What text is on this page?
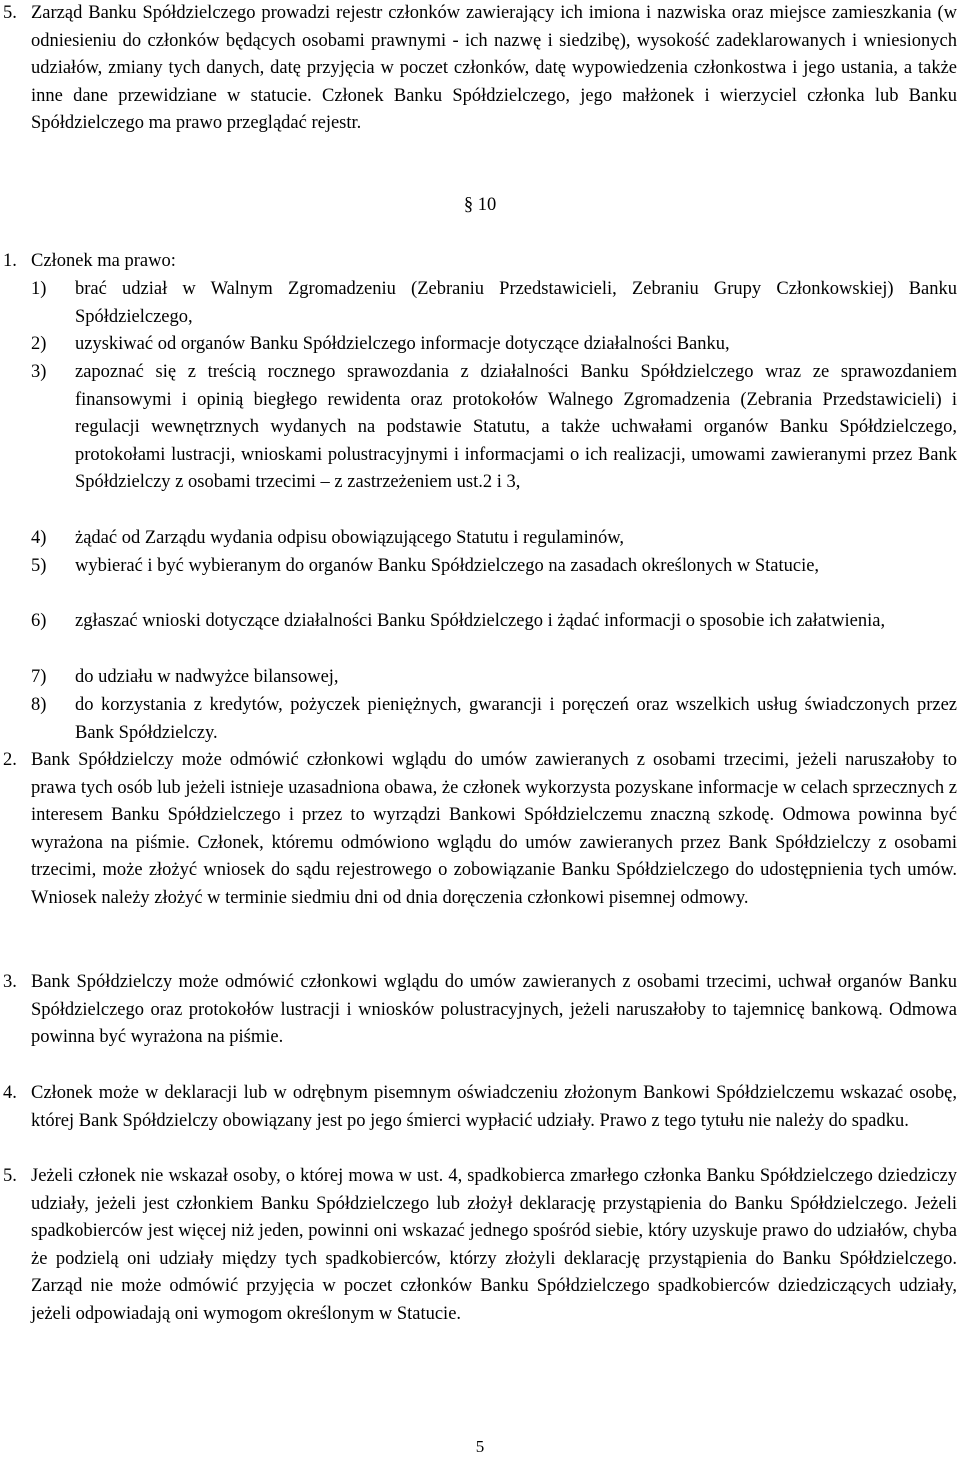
5. Zarząd Banku Spółdzielczego prowadzi rejestr członków zawierający ich imiona i nazwiska oraz miejsce zamieszkania (w odniesieniu do członków będących osobami prawnymi - ich nazwę i siedzibę), wysokość zadeklarowanych i wniesionych udziałów, zmiany tych danych, datę przyjęcia w poczet członków, datę wypowiedzenia członkostwa i jego ustania, a także inne dane przewidziane w statucie. Członek Banku Spółdzielczego, jego małżonek i wierzyciel członka lub Banku Spółdzielczego ma prawo przeglądać rejestr.
§ 10
1. Członek ma prawo:
1) brać udział w Walnym Zgromadzeniu (Zebraniu Przedstawicieli, Zebraniu Grupy Członkowskiej) Banku Spółdzielczego,
2) uzyskiwać od organów Banku Spółdzielczego informacje dotyczące działalności Banku,
3) zapoznać się z treścią rocznego sprawozdania z działalności Banku Spółdzielczego wraz ze sprawozdaniem finansowymi i opinią biegłego rewidenta oraz protokołów Walnego Zgromadzenia (Zebrania Przedstawicieli) i regulacji wewnętrznych wydanych na podstawie Statutu, a także uchwałami organów Banku Spółdzielczego, protokołami lustracji, wnioskami polustracyjnymi i informacjami o ich realizacji, umowami zawieranymi przez Bank Spółdzielczy z osobami trzecimi – z zastrzeżeniem ust.2 i 3,
4) żądać od Zarządu wydania odpisu obowiązującego Statutu i regulaminów,
5) wybierać i być wybieranym do organów Banku Spółdzielczego na zasadach określonych w Statucie,
6) zgłaszać wnioski dotyczące działalności Banku Spółdzielczego i żądać informacji o sposobie ich załatwienia,
7) do udziału w nadwyżce bilansowej,
8) do korzystania z kredytów, pożyczek pieniężnych, gwarancji i poręczeń oraz wszelkich usług świadczonych przez Bank Spółdzielczy.
2. Bank Spółdzielczy może odmówić członkowi wglądu do umów zawieranych z osobami trzecimi, jeżeli naruszałoby to prawa tych osób lub jeżeli istnieje uzasadniona obawa, że członek wykorzysta pozyskane informacje w celach sprzecznych z interesem Banku Spółdzielczego i przez to wyrządzi Bankowi Spółdzielczemu znaczną szkodę. Odmowa powinna być wyrażona na piśmie. Członek, któremu odmówiono wglądu do umów zawieranych przez Bank Spółdzielczy z osobami trzecimi, może złożyć wniosek do sądu rejestrowego o zobowiązanie Banku Spółdzielczego do udostępnienia tych umów. Wniosek należy złożyć w terminie siedmiu dni od dnia doręczenia członkowi pisemnej odmowy.
3. Bank Spółdzielczy może odmówić członkowi wglądu do umów zawieranych z osobami trzecimi, uchwał organów Banku Spółdzielczego oraz protokołów lustracji i wniosków polustracyjnych, jeżeli naruszałoby to tajemnicę bankową. Odmowa powinna być wyrażona na piśmie.
4. Członek może w deklaracji lub w odrębnym pisemnym oświadczeniu złożonym Bankowi Spółdzielczemu wskazać osobę, której Bank Spółdzielczy obowiązany jest po jego śmierci wypłacić udziały. Prawo z tego tytułu nie należy do spadku.
5. Jeżeli członek nie wskazał osoby, o której mowa w ust. 4, spadkobierca zmarłego członka Banku Spółdzielczego dziedziczy udziały, jeżeli jest członkiem Banku Spółdzielczego lub złożył deklarację przystąpienia do Banku Spółdzielczego. Jeżeli spadkobierców jest więcej niż jeden, powinni oni wskazać jednego spośród siebie, który uzyskuje prawo do udziałów, chyba że podzielą oni udziały między tych spadkobierców, którzy złożyli deklarację przystąpienia do Banku Spółdzielczego. Zarząd nie może odmówić przyjęcia w poczet członków Banku Spółdzielczego spadkobierców dziedziczących udziały, jeżeli odpowiadają oni wymogom określonym w Statucie.
5
